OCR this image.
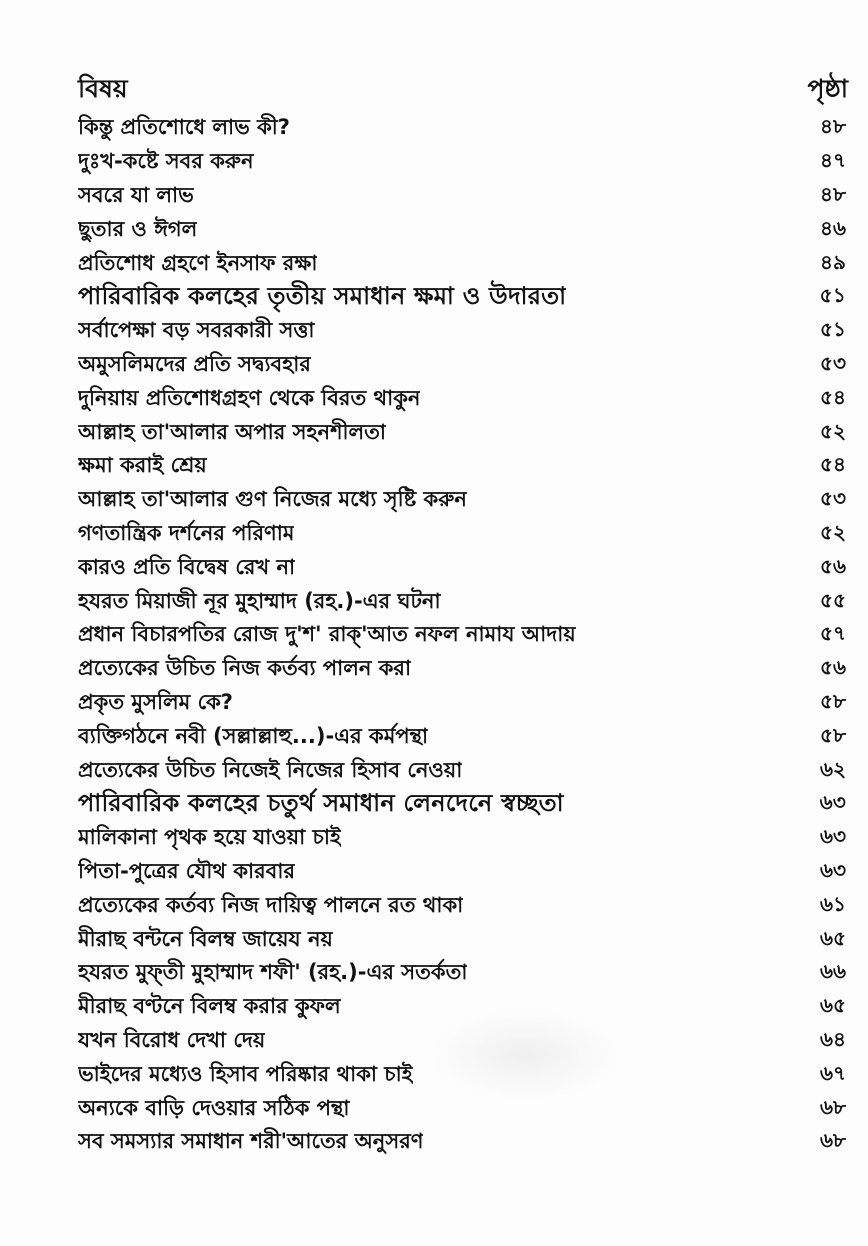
বিষয়	পৃষ্ঠা
কিন্তু প্রতিশোধে লাভ কী?	৪৮
দুঃখ-কষ্টে সবর করুন	৪৭
সবরে যা লাভ	৪৮
ছুতার ও ঈগল	৪৬
প্রতিশোধ গ্রহণে ইনসাফ রক্ষা	৪৯
পারিবারিক কলহের তৃতীয় সমাধান ক্ষমা ও উদারতা	৫১
সর্বাপেক্ষা বড় সবরকারী সত্তা	৫১
অমুসলিমদের প্রতি সদ্ব্যবহার	৫৩
দুনিয়ায় প্রতিশোধগ্রহণ থেকে বিরত থাকুন	৫৪
আল্লাহ তা'আলার অপার সহনশীলতা	৫২
ক্ষমা করাই শ্রেয়	৫৪
আল্লাহ তা'আলার গুণ নিজের মধ্যে সৃষ্টি করুন	৫৩
গণতান্ত্রিক দর্শনের পরিণাম	৫২
কারও প্রতি বিদ্বেষ রেখ না	৫৬
হযরত মিয়াজী নূর মুহাম্মাদ (রহ.)-এর ঘটনা	৫৫
প্রধান বিচারপতির রোজ দু'শ' রাক্'আত নফল নামায আদায়	৫৭
প্রত্যেকের উচিত নিজ কর্তব্য পালন করা	৫৬
প্রকৃত মুসলিম কে?	৫৮
ব্যক্তিগঠনে নবী (সল্লাল্লাহু...)-এর কর্মপন্থা	৫৮
প্রত্যেকের উচিত নিজেই নিজের হিসাব নেওয়া	৬২
পারিবারিক কলহের চতুর্থ সমাধান লেনদেনে স্বচ্ছতা	৬৩
মালিকানা পৃথক হয়ে যাওয়া চাই	৬৩
পিতা-পুত্রের যৌথ কারবার	৬৩
প্রত্যেকের কর্তব্য নিজ দায়িত্ব পালনে রত থাকা	৬১
মীরাছ বন্টনে বিলম্ব জায়েয নয়	৬৫
হযরত মুফ্তী মুহাম্মাদ শফী' (রহ.)-এর সতর্কতা	৬৬
মীরাছ বণ্টনে বিলম্ব করার কুফল	৬৫
যখন বিরোধ দেখা দেয়	৬৪
ভাইদের মধ্যেও হিসাব পরিষ্কার থাকা চাই	৬৭
অন্যকে বাড়ি দেওয়ার সঠিক পন্থা	৬৮
সব সমস্যার সমাধান শরী'আতের অনুসরণ	৬৮
